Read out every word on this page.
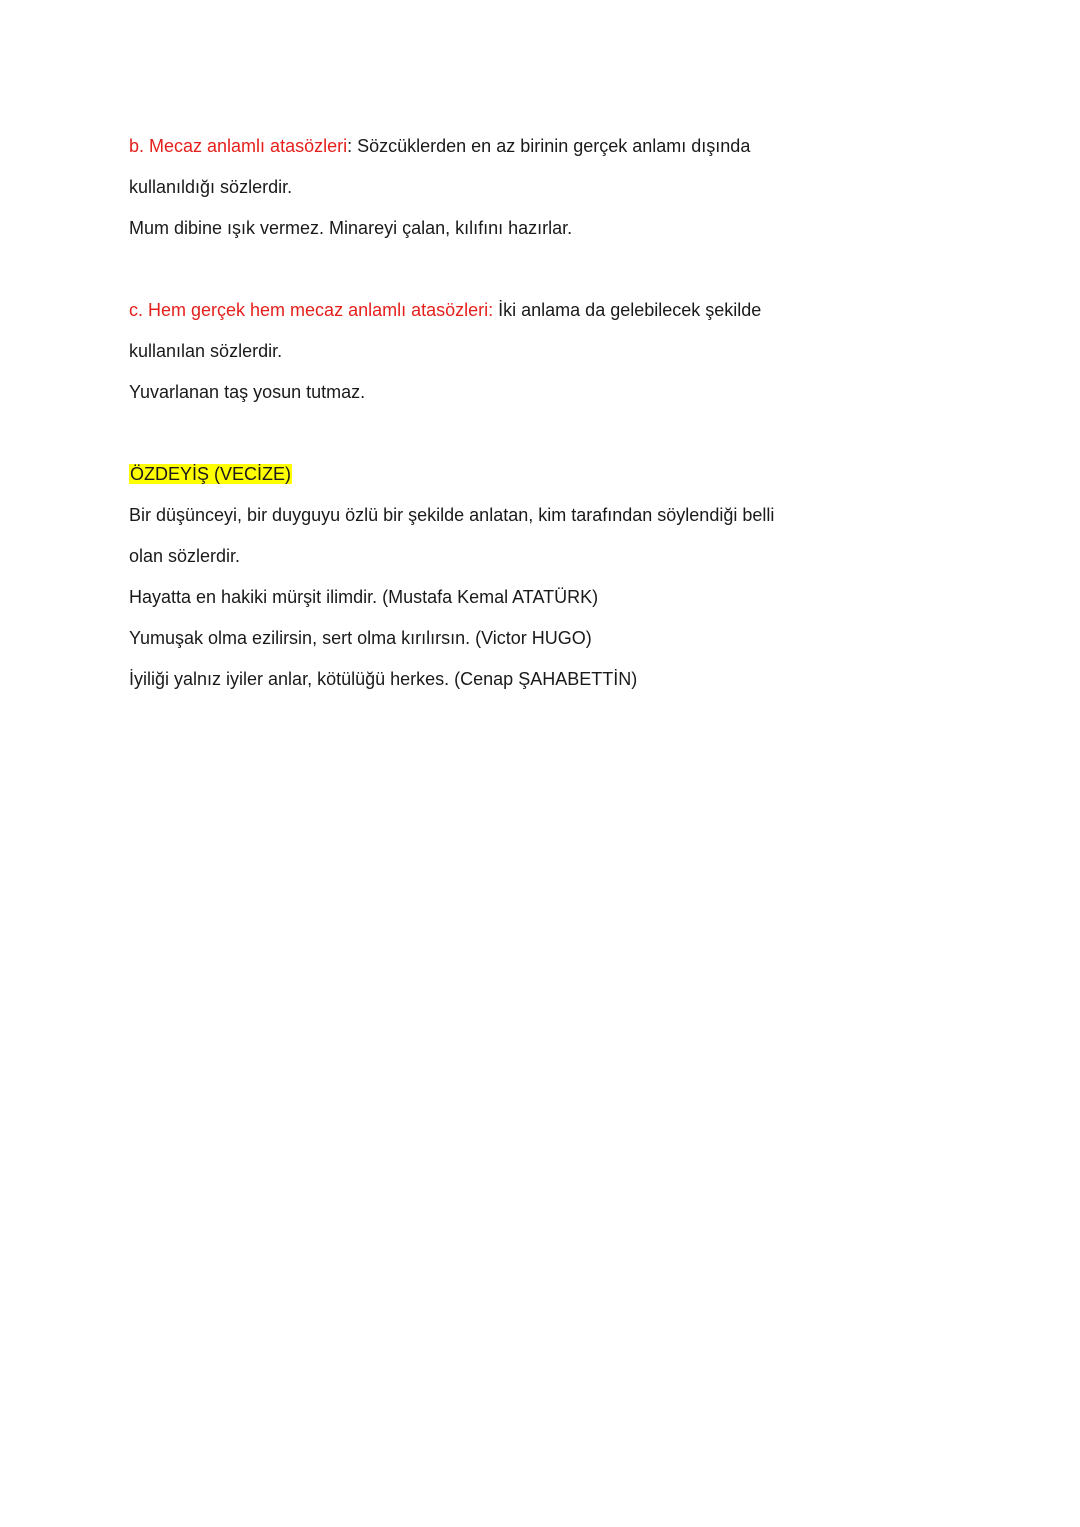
b. Mecaz anlamlı atasözleri: Sözcüklerden en az birinin gerçek anlamı dışında

kullanıldığı sözlerdir.

Mum dibine ışık vermez. Minareyi çalan, kılıfını hazırlar.

c. Hem gerçek hem mecaz anlamlı atasözleri: İki anlama da gelebilecek şekilde

kullanılan sözlerdir.

Yuvarlanan taş yosun tutmaz.

ÖZDEYİŞ (VECİZE)

Bir düşünceyi, bir duyguyu özlü bir şekilde anlatan, kim tarafından söylendiği belli

olan sözlerdir.

Hayatta en hakiki mürşit ilimdir. (Mustafa Kemal ATATÜRK)

Yumuşak olma ezilirsin, sert olma kırılırsın. (Victor HUGO)

İyiliği yalnız iyiler anlar, kötülüğü herkes. (Cenap ŞAHABETTİN)
